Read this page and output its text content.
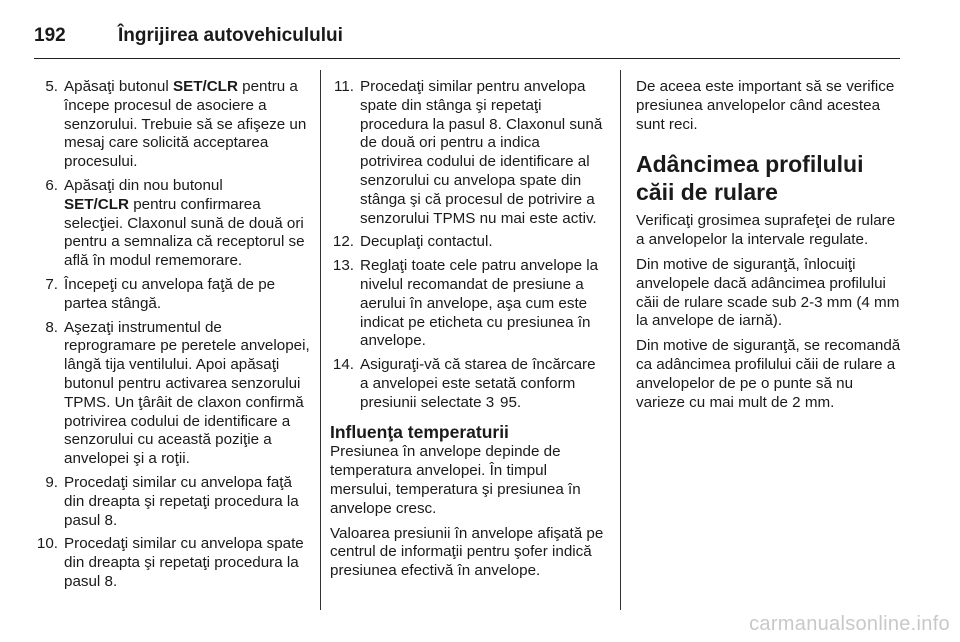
192	Îngrijirea autovehiculului
5. Apăsaţi butonul SET/CLR pentru a începe procesul de asociere a senzorului. Trebuie să se afişeze un mesaj care solicită acceptarea procesului.
6. Apăsaţi din nou butonul
SET/CLR pentru confirmarea selecţiei. Claxonul sună de două ori pentru a semnaliza că receptorul se află în modul rememorare.
7. Începeţi cu anvelopa faţă de pe partea stângă.
8. Aşezaţi instrumentul de reprogramare pe peretele anvelopei, lângă tija ventilului. Apoi apăsaţi butonul pentru activarea senzorului TPMS. Un ţârâit de claxon confirmă potrivirea codului de identificare a senzorului cu această poziţie a anvelopei şi a roţii.
9. Procedaţi similar cu anvelopa faţă din dreapta şi repetaţi procedura la pasul 8.
10. Procedaţi similar cu anvelopa spate din dreapta şi repetaţi procedura la pasul 8.
11. Procedaţi similar pentru anvelopa spate din stânga şi repetaţi procedura la pasul 8. Claxonul sună de două ori pentru a indica potrivirea codului de identificare al senzorului cu anvelopa spate din stânga şi că procesul de potrivire a senzorului TPMS nu mai este activ.
12. Decuplaţi contactul.
13. Reglaţi toate cele patru anvelope la nivelul recomandat de presiune a aerului în anvelope, aşa cum este indicat pe eticheta cu presiunea în anvelope.
14. Asiguraţi-vă că starea de încărcare a anvelopei este setată conform presiunii selectate 3 95.
Influenţa temperaturii

Presiunea în anvelope depinde de temperatura anvelopei. În timpul mersului, temperatura şi presiunea în anvelope cresc.

Valoarea presiunii în anvelope afişată pe centrul de informaţii pentru şofer indică presiunea efectivă în anvelope.

De aceea este important să se verifice presiunea anvelopelor când acestea sunt reci.

Adâncimea profilului căii de rulare

Verificaţi grosimea suprafeţei de rulare a anvelopelor la intervale regulate.

Din motive de siguranţă, înlocuiţi anvelopele dacă adâncimea profilului căii de rulare scade sub 2-3 mm (4 mm la anvelope de iarnă).

Din motive de siguranţă, se recomandă ca adâncimea profilului căii de rulare a anvelopelor de pe o punte să nu varieze cu mai mult de 2 mm.

carmanualsonline.info
